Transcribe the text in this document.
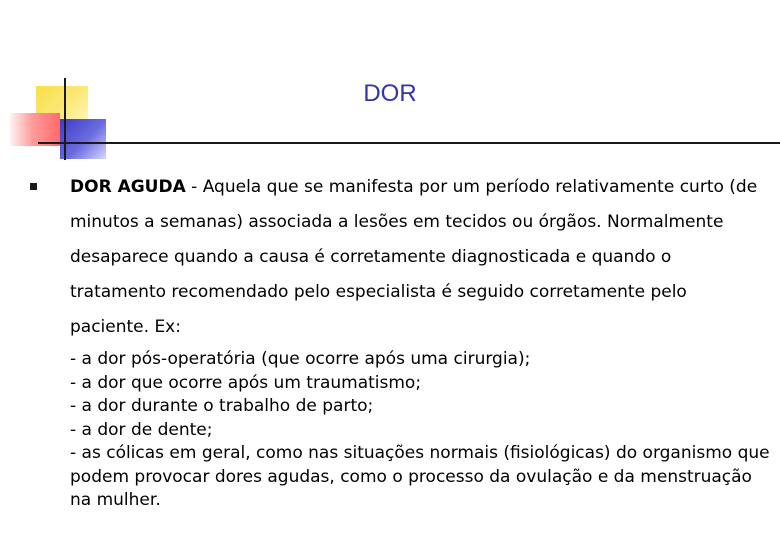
DOR

DOR AGUDA - Aquela que se manifesta por um período relativamente curto (de minutos a semanas) associada a lesões em tecidos ou órgãos. Normalmente desaparece quando a causa é corretamente diagnosticada e quando o tratamento recomendado pelo especialista é seguido corretamente pelo paciente. Ex:

- a dor pós-operatória (que ocorre após uma cirurgia);
- a dor que ocorre após um traumatismo;
- a dor durante o trabalho de parto;
- a dor de dente;
- as cólicas em geral, como nas situações normais (fisiológicas) do organismo que podem provocar dores agudas, como o processo da ovulação e da menstruação na mulher.
